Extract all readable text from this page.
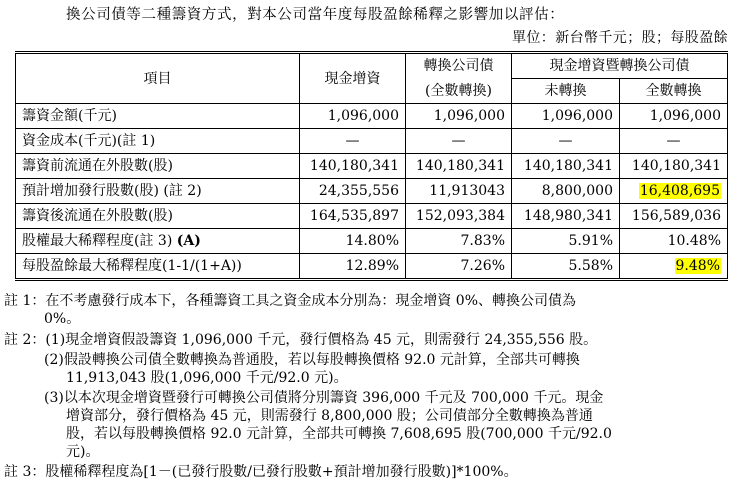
換公司債等二種籌資方式，對本公司當年度每股盈餘稀釋之影響加以評估：
單位：新台幣千元；股；每股盈餘
項目	現金增資	轉換公司債	現金增資暨轉換公司債	
		(全數轉換)	未轉換	全數轉換
籌資金額(千元)	1,096,000	1,096,000	1,096,000	1,096,000
資金成本(千元)(註 1)	—	—	—	—
籌資前流通在外股數(股)	140,180,341	140,180,341	140,180,341	140,180,341
預計增加發行股數(股) (註 2)	24,355,556	11,913043	8,800,000	16,408,695
籌資後流通在外股數(股)	164,535,897	152,093,384	148,980,341	156,589,036
股權最大稀釋程度(註 3) (A)	14.80%	7.83%	5.91%	10.48%
每股盈餘最大稀釋程度(1-1/(1+A))	12.89%	7.26%	5.58%	9.48%
註 1：在不考慮發行成本下，各種籌資工具之資金成本分別為：現金增資 0%、轉換公司債為
0%。
註 2：(1)現金增資假設籌資 1,096,000 千元，發行價格為 45 元，則需發行 24,355,556 股。
(2)假設轉換公司債全數轉換為普通股，若以每股轉換價格 92.0 元計算，全部共可轉換
11,913,043 股(1,096,000 千元/92.0 元)。
(3)以本次現金增資暨發行可轉換公司債將分別籌資 396,000 千元及 700,000 千元。現金
增資部分，發行價格為 45 元，則需發行 8,800,000 股；公司債部分全數轉換為普通
股，若以每股轉換價格 92.0 元計算，全部共可轉換 7,608,695 股(700,000 千元/92.0
元)。
註 3：股權稀釋程度為[1－(已發行股數/已發行股數+預計增加發行股數)]*100%。
